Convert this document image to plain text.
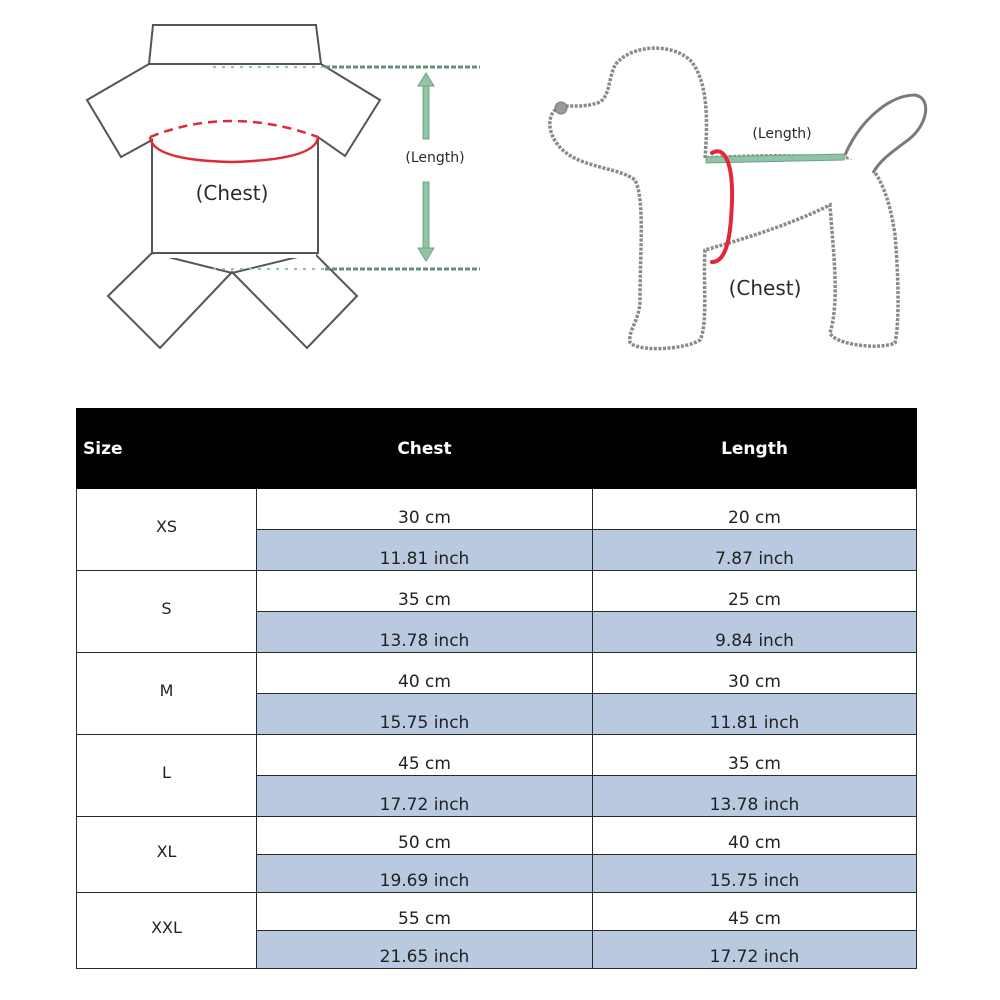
(Chest)
(Length)
(Length)
(Chest)
Size	Chest	Length
XS	30 cm	20 cm
	11.81 inch	7.87 inch
S	35 cm	25 cm
	13.78 inch	9.84 inch
M	40 cm	30 cm
	15.75 inch	11.81 inch
L	45 cm	35 cm
	17.72 inch	13.78 inch
XL	50 cm	40 cm
	19.69 inch	15.75 inch
XXL	55 cm	45 cm
	21.65 inch	17.72 inch
